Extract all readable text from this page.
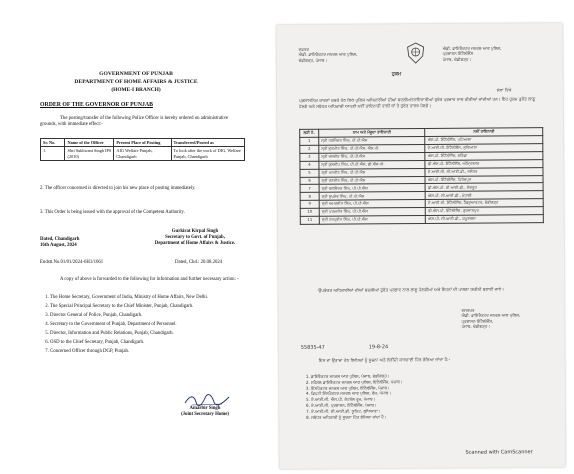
GOVERNMENT OF PUNJAB
DEPARTMENT OF HOME AFFAIRS & JUSTICE
(HOME-I BRANCH)
ORDER OF THE GOVERNOR OF PUNJAB
The posting/transfer of the following Police Officer is hereby ordered on administrative grounds, with immediate effect:-
Sr. No.	Name of the Officer	Present Place of Posting	Transferred/Posted as
1.	Shri Sukhwant Singh IPS (2010)	AIG Welfare Punjab, Chandigarh	To look after the work of DIG, Welfare Punjab, Chandigarh
2. The officer concerned is directed to join his new place of posting immediately.
3. This Order is being issued with the approval of the Competent Authority.
Gurkirat Kirpal Singh
Secretary to Govt. of Punjab,
Department of Home Affairs & Justice.
Dated, Chandigarh
16th August, 2024
Endstt.No.01/01/2024-6H1/1661	Dated, Chd.: 20.08.2024
A copy of above is forwarded to the following for information and further necessary action: -
1. The Home Secretary, Government of India, Ministry of Home Affairs, New Delhi.
2. The Special Principal Secretary to the Chief Minister, Punjab, Chandigarh.
3. Director General of Police, Punjab, Chandigarh.
4. Secretary to the Government of Punjab, Department of Personnel.
5. Director, Information and Public Relations, Punjab, Chandigarh.
6. OSD to the Chief Secretary, Punjab, Chandigarh.
7. Concerned Officer through DGP, Punjab.
Amarbir Singh
(Joint Secretary Home)
ਦਫ਼ਤਰ
ਐਡੀ. ਡਾਇਰੈਕਟਰ ਜਨਰਲ ਆਫ ਪੁਲਿਸ,
ਚੰਡੀਗੜ੍ਹ, ਪੰਜਾਬ।
ਐਡੀ. ਡਾਇਰੈਕਟਰ ਜਨਰਲ ਆਫ ਪੁਲਿਸ,
ਪ੍ਰਸ਼ਾਸਨ ਇੰਟੈਲੀਜੈਂਸ
ਪੰਜਾਬ, ਚੰਡੀਗੜ੍ਹ।
ਹੁਕਮ
ਸੇਵਾ ਵਿਖੇ
ਪ੍ਰਸ਼ਾਸਨਿਕ ਕਾਰਨਾਂ ਕਰਕੇ ਹੇਠ ਲਿਖੇ ਪੁਲਿਸ ਅਧਿਕਾਰੀਆਂ ਦੀਆਂ ਬਦਲੀਆਂ/ਤਾਇਨਾਤੀਆਂ ਤੁਰੰਤ ਪ੍ਰਭਾਵ ਨਾਲ ਕੀਤੀਆਂ ਜਾਂਦੀਆਂ ਹਨ। ਇਹ ਹੁਕਮ ਤੁਰੰਤ ਲਾਗੂ ਹੋਣਗੇ ਅਤੇ ਸਬੰਧਤ ਅਧਿਕਾਰੀ ਆਪਣੀ ਨਵੀਂ ਤਾਇਨਾਤੀ ਵਾਲੀ ਥਾਂ ਤੇ ਤੁਰੰਤ ਹਾਜ਼ਰ ਹੋਣਗੇ।
ਲੜੀ ਨੰ.	ਨਾਮ ਅਤੇ ਮੌਜੂਦਾ ਤਾਇਨਾਤੀ	ਨਵੀਂ ਤਾਇਨਾਤੀ
1	ਸ੍ਰੀ ਹਰਜਿੰਦਰ ਸਿੰਘ, ਪੀ.ਪੀ.ਐਸ	ਐਸ.ਪੀ. ਇੰਟੈਲੀਜੈਂਸ, ਪਟਿਆਲਾ
2	ਸ੍ਰੀ ਗੁਰਮੀਤ ਸਿੰਘ, ਪੀ.ਪੀ.ਐਸ, ਐਸ.ਪੀ.	ਏ.ਆਈ.ਜੀ. ਇੰਟੈਲੀਜੈਂਸ, ਲੁਧਿਆਣਾ
3	ਸ੍ਰੀ ਜਸਵੀਰ ਸਿੰਘ, ਪੀ.ਪੀ.ਐਸ	ਐਸ.ਪੀ. ਇੰਟੈਲੀਜੈਂਸ, ਬਠਿੰਡਾ
4	ਸ੍ਰੀ ਕੁਲਦੀਪ ਸਿੰਘ, ਪੀ.ਪੀ.ਐਸ, ਡੀ.ਐਸ.ਪੀ.	ਡੀ.ਐਸ.ਪੀ. ਇੰਟੈਲੀਜੈਂਸ, ਅੰਮ੍ਰਿਤਸਰ
5	ਸ੍ਰੀ ਮਨਜੀਤ ਸਿੰਘ, ਪੀ.ਪੀ.ਐਸ	ਏ.ਆਈ.ਜੀ. ਸੀ.ਆਈ.ਡੀ., ਜਲੰਧਰ
6	ਸ੍ਰੀ ਰਣਜੀਤ ਸਿੰਘ, ਪੀ.ਪੀ.ਐਸ	ਐਸ.ਪੀ. ਇੰਟੈਲੀਜੈਂਸ, ਫਿਰੋਜ਼ਪੁਰ
7	ਸ੍ਰੀ ਬਲਵਿੰਦਰ ਸਿੰਘ, ਪੀ.ਪੀ.ਐਸ	ਡੀ.ਐਸ.ਪੀ. ਸੀ.ਆਈ.ਡੀ., ਸੰਗਰੂਰ
8	ਸ੍ਰੀ ਸੁਖਦੇਵ ਸਿੰਘ, ਪੀ.ਪੀ.ਐਸ	ਐਸ.ਪੀ. ਸੀ.ਆਈ.ਡੀ., ਮੋਹਾਲੀ
9	ਸ੍ਰੀ ਅਮਰਜੀਤ ਸਿੰਘ, ਪੀ.ਪੀ.ਐਸ	ਏ.ਆਈ.ਜੀ. ਇੰਟੈਲੀਜੈਂਸ, ਹੈੱਡਕੁਆਰਟਰ, ਚੰਡੀਗੜ੍ਹ
10	ਸ੍ਰੀ ਪਰਮਜੀਤ ਸਿੰਘ, ਪੀ.ਪੀ.ਐਸ	ਡੀ.ਐਸ.ਪੀ. ਇੰਟੈਲੀਜੈਂਸ, ਗੁਰਦਾਸਪੁਰ
11	ਸ੍ਰੀ ਹਰਪ੍ਰੀਤ ਸਿੰਘ, ਪੀ.ਪੀ.ਐਸ	ਐਸ.ਪੀ. ਸੀ.ਆਈ.ਡੀ., ਕਪੂਰਥਲਾ
ਉਪਰੋਕਤ ਅਧਿਕਾਰੀਆਂ ਦੀਆਂ ਬਦਲੀਆਂ ਤੁਰੰਤ ਪ੍ਰਭਾਵ ਨਾਲ ਲਾਗੂ ਹੋਣਗੀਆਂ ਅਤੇ ਇਹਨਾਂ ਦੀ ਪਾਲਣਾ ਯਕੀਨੀ ਬਣਾਈ ਜਾਵੇ।
ਦਸਤਖਤ
ਐਡੀ. ਡਾਇਰੈਕਟਰ ਜਨਰਲ ਆਫ ਪੁਲਿਸ,
ਪ੍ਰਸ਼ਾਸਨ ਇੰਟੈਲੀਜੈਂਸ,
ਪੰਜਾਬ, ਚੰਡੀਗੜ੍ਹ।
55835-47	19-8-24
ਇਸ ਦਾ ਉਤਾਰਾ ਹੇਠ ਲਿਖਿਆਂ ਨੂੰ ਸੂਚਨਾ ਅਤੇ ਲੋੜੀਂਦੀ ਕਾਰਵਾਈ ਹਿੱਤ ਭੇਜਿਆ ਜਾਂਦਾ ਹੈ:-
1. ਡਾਇਰੈਕਟਰ ਜਨਰਲ ਆਫ ਪੁਲਿਸ, ਪੰਜਾਬ, ਚੰਡੀਗੜ੍ਹ।
2. ਸਪੈਸ਼ਲ ਡਾਇਰੈਕਟਰ ਜਨਰਲ ਆਫ ਪੁਲਿਸ, ਇੰਟੈਲੀਜੈਂਸ, ਪੰਜਾਬ।
3. ਇੰਸਪੈਕਟਰ ਜਨਰਲ ਆਫ ਪੁਲਿਸ, ਇੰਟੈਲੀਜੈਂਸ, ਪੰਜਾਬ।
4. ਡਿਪਟੀ ਇੰਸਪੈਕਟਰ ਜਨਰਲ ਆਫ ਪੁਲਿਸ, ਰੇਂਜ, ਪੰਜਾਬ।
5. ਏ.ਆਈ.ਜੀ. ਐਸ.ਪੀ. ਕੰਟਰੋਲ ਰੂਮ, ਪੰਜਾਬ।
6. ਏ.ਆਈ.ਜੀ. ਪ੍ਰਸ਼ਾਸਨ, ਇੰਟੈਲੀਜੈਂਸ, ਪੰਜਾਬ।
7. ਏ.ਆਈ.ਜੀ. ਸੀ.ਆਈ.ਡੀ. ਯੂਨਿਟ, ਲੁਧਿਆਣਾ।
8. ਸਬੰਧਤ ਅਧਿਕਾਰੀ ਨੂੰ ਸੂਚਨਾ ਹਿੱਤ ਭੇਜਿਆ ਜਾਂਦਾ ਹੈ।
Scanned with CamScanner
